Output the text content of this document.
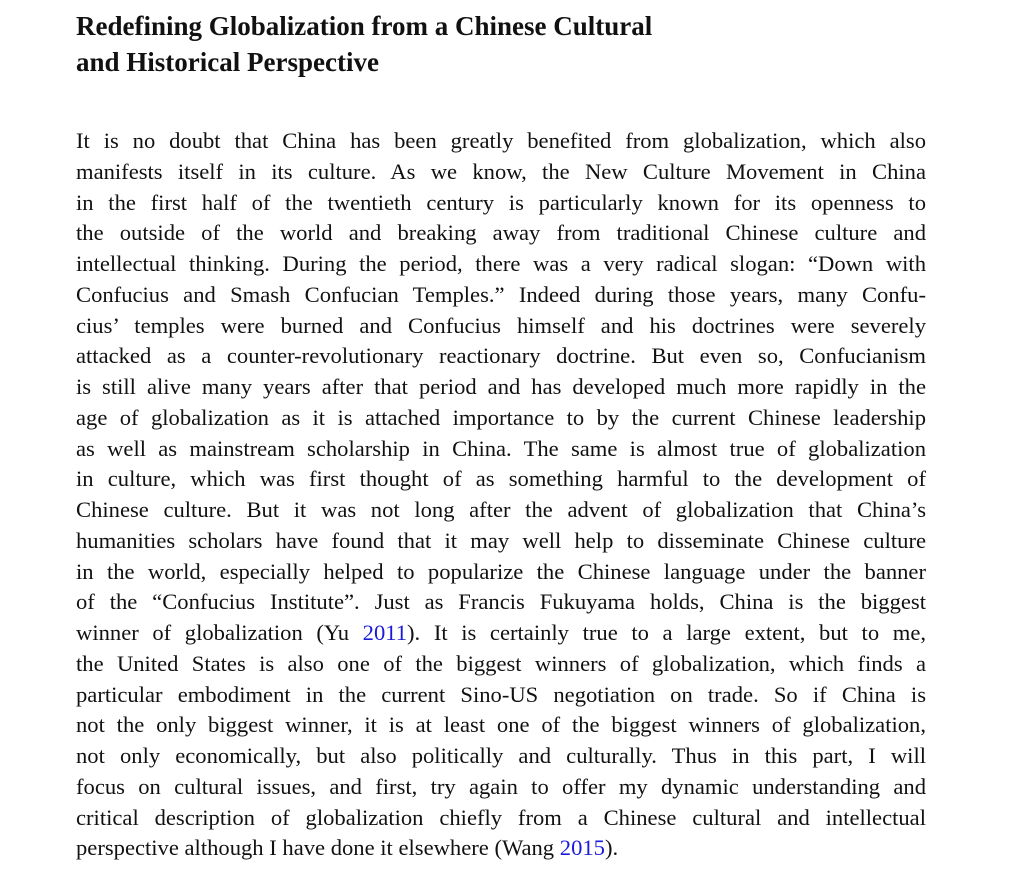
Redefining Globalization from a Chinese Cultural
and Historical Perspective
It is no doubt that China has been greatly benefited from globalization, which also
manifests itself in its culture. As we know, the New Culture Movement in China
in the first half of the twentieth century is particularly known for its openness to
the outside of the world and breaking away from traditional Chinese culture and
intellectual thinking. During the period, there was a very radical slogan: “Down with
Confucius and Smash Confucian Temples.” Indeed during those years, many Confu-
cius’ temples were burned and Confucius himself and his doctrines were severely
attacked as a counter-revolutionary reactionary doctrine. But even so, Confucianism
is still alive many years after that period and has developed much more rapidly in the
age of globalization as it is attached importance to by the current Chinese leadership
as well as mainstream scholarship in China. The same is almost true of globalization
in culture, which was first thought of as something harmful to the development of
Chinese culture. But it was not long after the advent of globalization that China’s
humanities scholars have found that it may well help to disseminate Chinese culture
in the world, especially helped to popularize the Chinese language under the banner
of the “Confucius Institute”. Just as Francis Fukuyama holds, China is the biggest
winner of globalization (Yu 2011). It is certainly true to a large extent, but to me,
the United States is also one of the biggest winners of globalization, which finds a
particular embodiment in the current Sino-US negotiation on trade. So if China is
not the only biggest winner, it is at least one of the biggest winners of globalization,
not only economically, but also politically and culturally. Thus in this part, I will
focus on cultural issues, and first, try again to offer my dynamic understanding and
critical description of globalization chiefly from a Chinese cultural and intellectual
perspective although I have done it elsewhere (Wang 2015).
